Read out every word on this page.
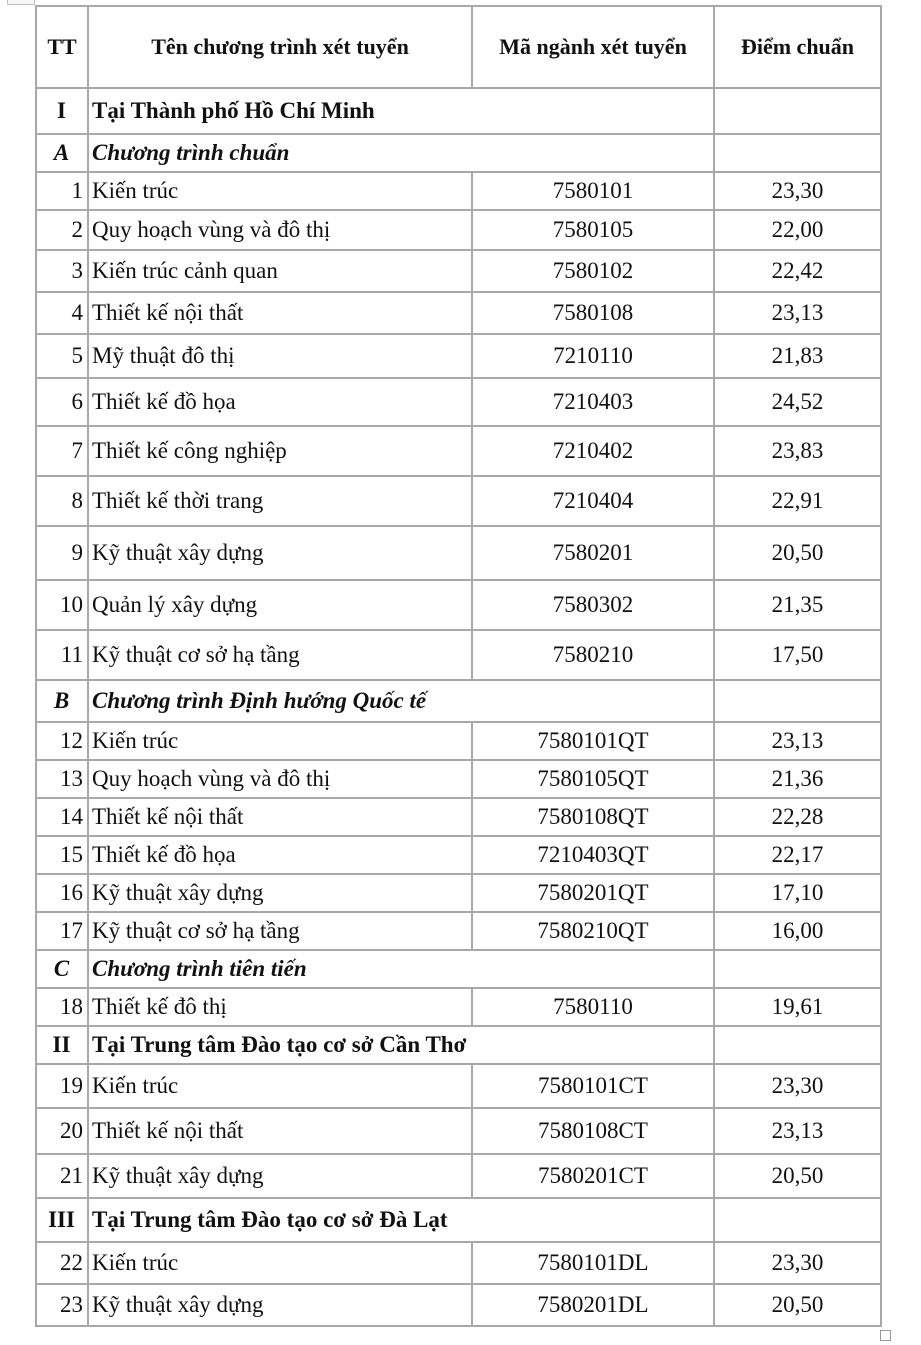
TT	Tên chương trình xét tuyển	Mã ngành xét tuyển	Điểm chuẩn
I	Tại Thành phố Hồ Chí Minh		
A	Chương trình chuẩn		
1	Kiến trúc	7580101	23,30
2	Quy hoạch vùng và đô thị	7580105	22,00
3	Kiến trúc cảnh quan	7580102	22,42
4	Thiết kế nội thất	7580108	23,13
5	Mỹ thuật đô thị	7210110	21,83
6	Thiết kế đồ họa	7210403	24,52
7	Thiết kế công nghiệp	7210402	23,83
8	Thiết kế thời trang	7210404	22,91
9	Kỹ thuật xây dựng	7580201	20,50
10	Quản lý xây dựng	7580302	21,35
11	Kỹ thuật cơ sở hạ tầng	7580210	17,50
B	Chương trình Định hướng Quốc tế		
12	Kiến trúc	7580101QT	23,13
13	Quy hoạch vùng và đô thị	7580105QT	21,36
14	Thiết kế nội thất	7580108QT	22,28
15	Thiết kế đồ họa	7210403QT	22,17
16	Kỹ thuật xây dựng	7580201QT	17,10
17	Kỹ thuật cơ sở hạ tầng	7580210QT	16,00
C	Chương trình tiên tiến		
18	Thiết kế đô thị	7580110	19,61
II	Tại Trung tâm Đào tạo cơ sở Cần Thơ		
19	Kiến trúc	7580101CT	23,30
20	Thiết kế nội thất	7580108CT	23,13
21	Kỹ thuật xây dựng	7580201CT	20,50
III	Tại Trung tâm Đào tạo cơ sở Đà Lạt		
22	Kiến trúc	7580101DL	23,30
23	Kỹ thuật xây dựng	7580201DL	20,50
